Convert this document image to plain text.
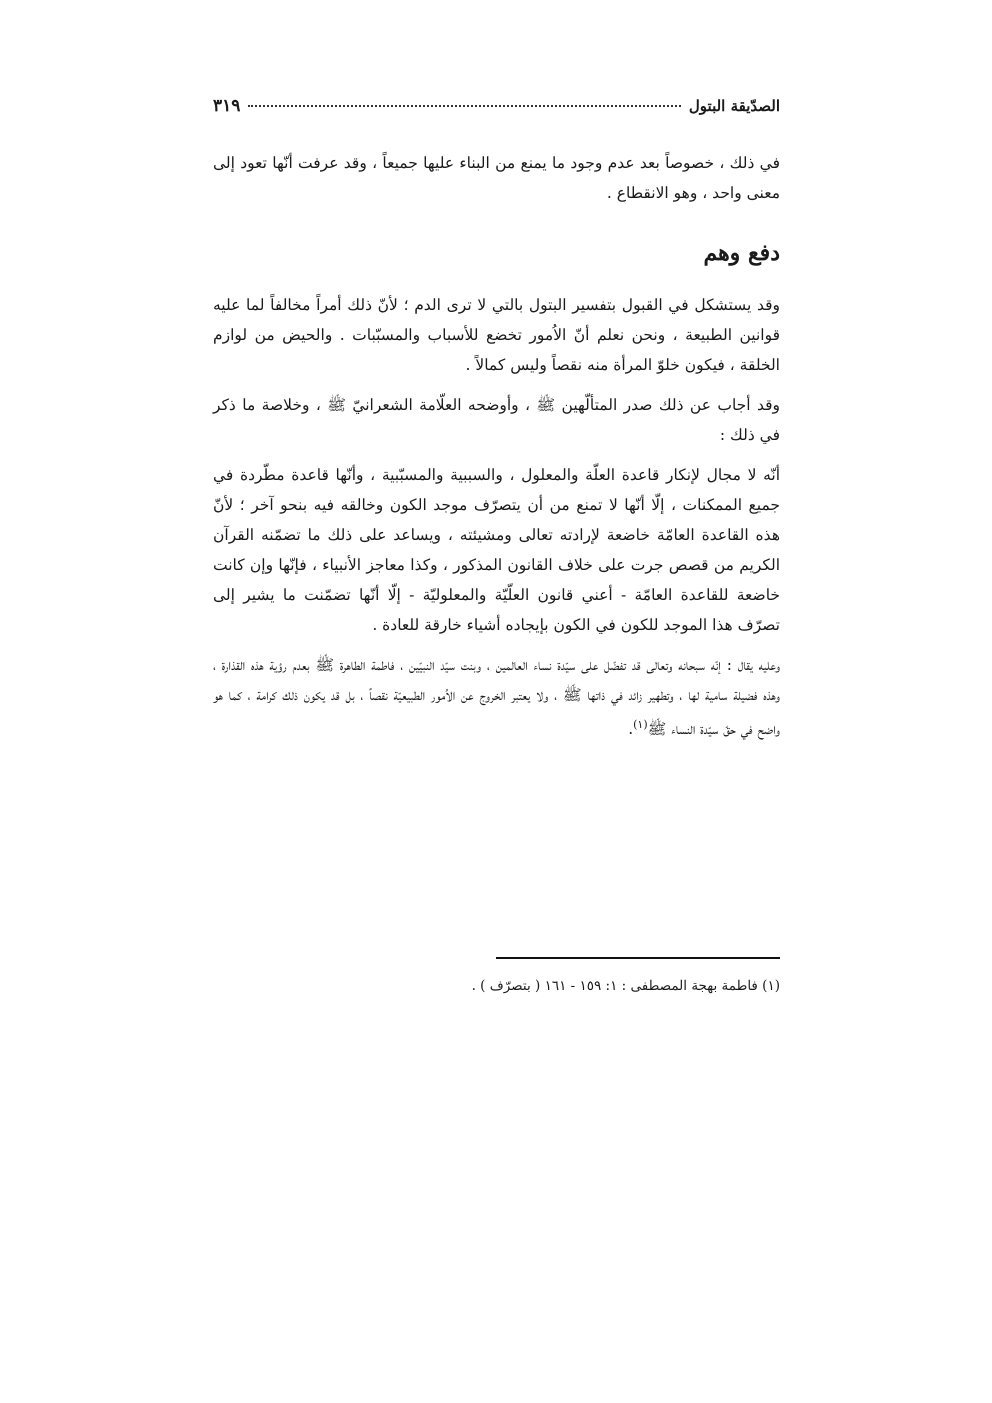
الصدّيقة البتول
٣١٩

في ذلك ، خصوصاً بعد عدم وجود ما يمنع من البناء عليها جميعاً ، وقد عرفت أنّها تعود إلى معنى واحد ، وهو الانقطاع .

دفع وهم

وقد يستشكل في القبول بتفسير البتول بالتي لا ترى الدم ؛ لأنّ ذلك أمراً مخالفاً لما عليه قوانين الطبيعة ، ونحن نعلم أنّ الاُمور تخضع للأسباب والمسبّبات . والحيض من لوازم الخلقة ، فيكون خلوّ المرأة منه نقصاً وليس كمالاً .

وقد أجاب عن ذلك صدر المتألّهين ﷺ ، وأوضحه العلّامة الشعرانيّ ﷺ ، وخلاصة ما ذكر في ذلك :

أنّه لا مجال لإنكار قاعدة العلّة والمعلول ، والسببية والمسبّبية ، وأنّها قاعدة مطّردة في جميع الممكنات ، إلّا أنّها لا تمنع من أن يتصرّف موجد الكون وخالقه فيه بنحو آخر ؛ لأنّ هذه القاعدة العامّة خاضعة لإرادته تعالى ومشيئته ، ويساعد على ذلك ما تضمّنه القرآن الكريم من قصص جرت على خلاف القانون المذكور ، وكذا معاجز الأنبياء ، فإنّها وإن كانت خاضعة للقاعدة العامّة - أعني قانون العلّيّة والمعلوليّة - إلّا أنّها تضمّنت ما يشير إلى تصرّف هذا الموجد للكون في الكون بإيجاده أشياء خارقة للعادة .

وعليه يقال : إنّه سبحانه وتعالى قد تفضّل على سيّدة نساء العالمين ، وبنت سيّد النبيّين ، فاطمة الطاهرة ﷺ بعدم رؤية هذه القذارة ، وهذه فضيلة سامية لها ، وتطهير زائد في ذاتها ﷺ ، ولا يعتبر الخروج عن الاُمور الطبيعيّة نقصاً ، بل قد يكون ذلك كرامة ، كما هو واضح في حقّ سيّدة النساء ﷺ$^{(١)}$.

(١) فاطمة بهجة المصطفى : ١: ١٥٩ - ١٦١ ( بتصرّف ) .
